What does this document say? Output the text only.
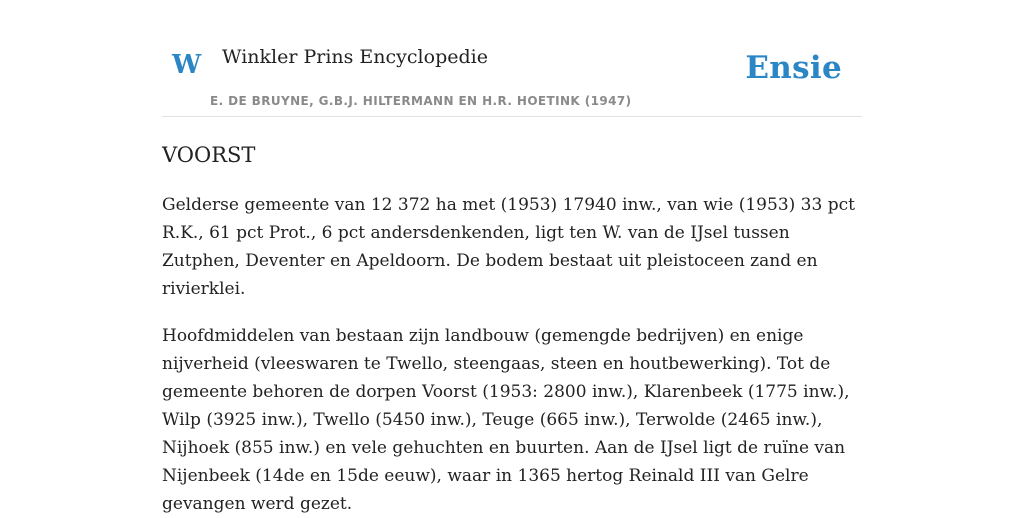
W Winkler Prins Encyclopedie	Ensie
E. DE BRUYNE, G.B.J. HILTERMANN EN H.R. HOETINK (1947)
VOORST

Gelderse gemeente van 12 372 ha met (1953) 17940 inw., van wie (1953) 33 pct R.K., 61 pct Prot., 6 pct andersdenkenden, ligt ten W. van de IJsel tussen Zutphen, Deventer en Apeldoorn. De bodem bestaat uit pleistoceen zand en rivierklei.

Hoofdmiddelen van bestaan zijn landbouw (gemengde bedrijven) en enige nijverheid (vleeswaren te Twello, steengaas, steen en houtbewerking). Tot de gemeente behoren de dorpen Voorst (1953: 2800 inw.), Klarenbeek (1775 inw.), Wilp (3925 inw.), Twello (5450 inw.), Teuge (665 inw.), Terwolde (2465 inw.), Nijhoek (855 inw.) en vele gehuchten en buurten. Aan de IJsel ligt de ruïne van Nijenbeek (14de en 15de eeuw), waar in 1365 hertog Reinald III van Gelre gevangen werd gezet.
